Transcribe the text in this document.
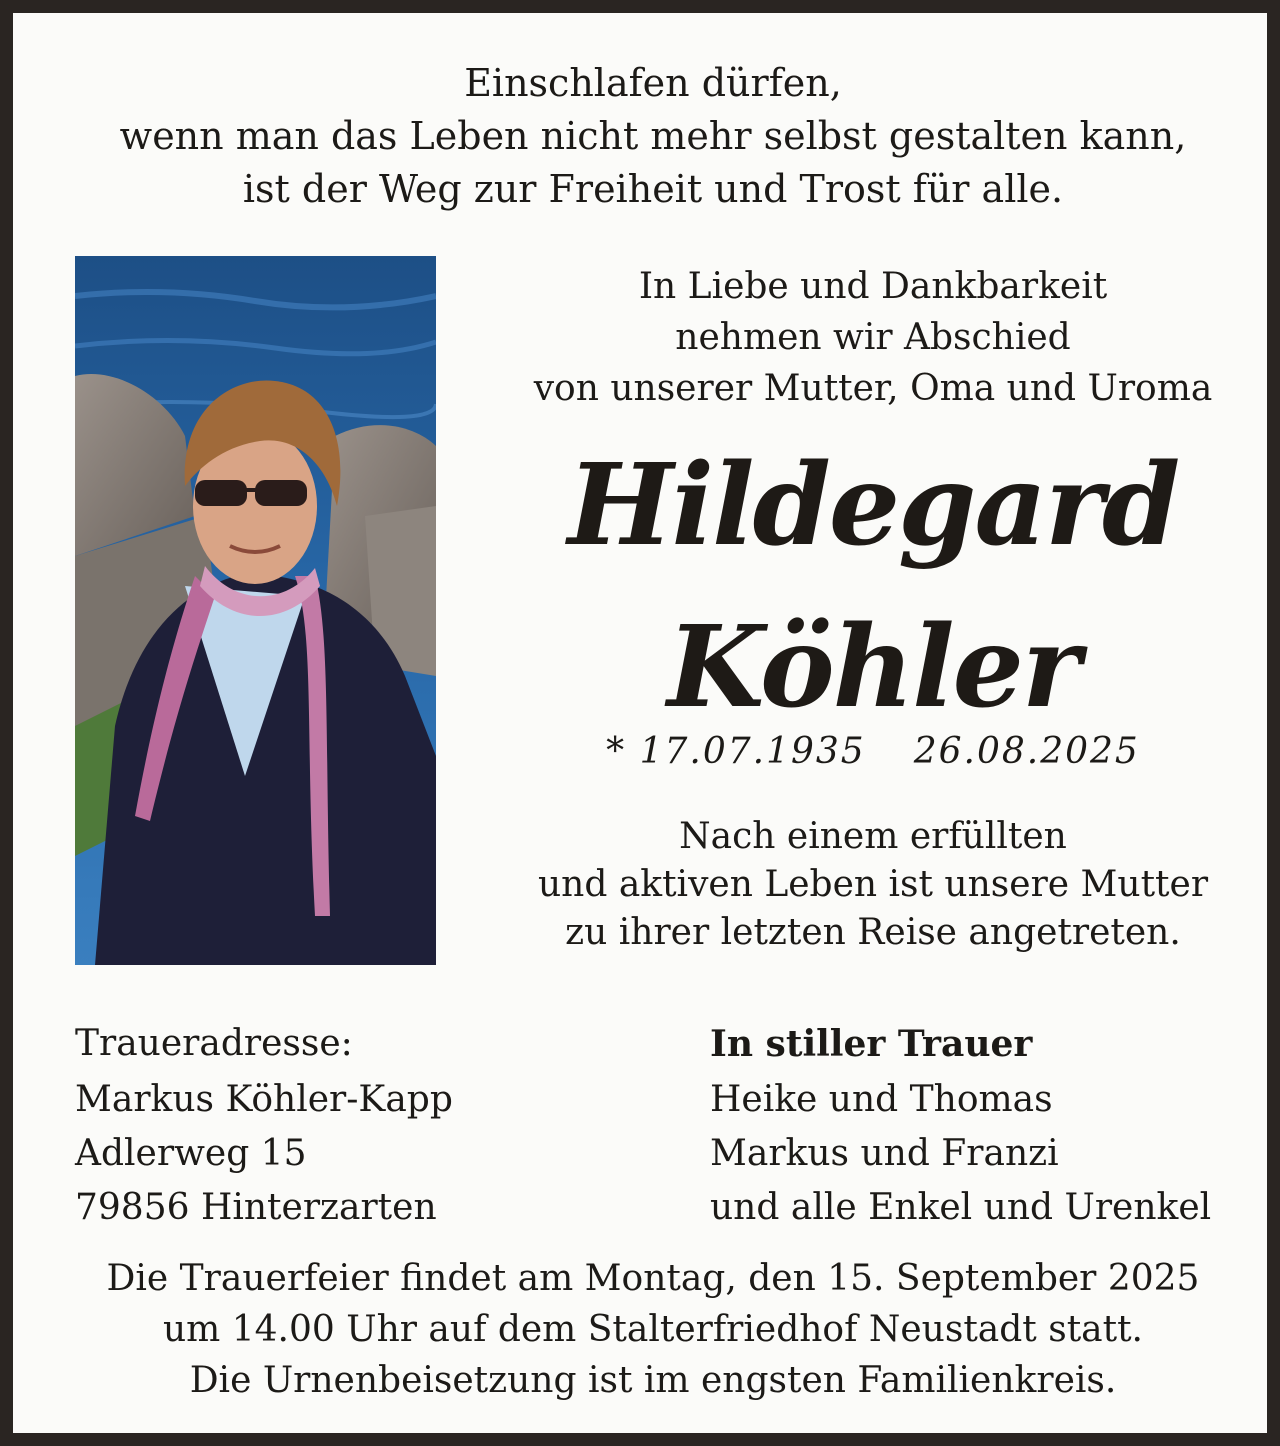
Einschlafen dürfen,
wenn man das Leben nicht mehr selbst gestalten kann,
ist der Weg zur Freiheit und Trost für alle.
In Liebe und Dankbarkeit
nehmen wir Abschied
von unserer Mutter, Oma und Uroma
Hildegard
Köhler
* 17.07.1935 26.08.2025
Nach einem erfüllten
und aktiven Leben ist unsere Mutter
zu ihrer letzten Reise angetreten.
Traueradresse:
Markus Köhler-Kapp
Adlerweg 15
79856 Hinterzarten
In stiller Trauer
Heike und Thomas
Markus und Franzi
und alle Enkel und Urenkel
Die Trauerfeier findet am Montag, den 15. September 2025
um 14.00 Uhr auf dem Stalterfriedhof Neustadt statt.
Die Urnenbeisetzung ist im engsten Familienkreis.
